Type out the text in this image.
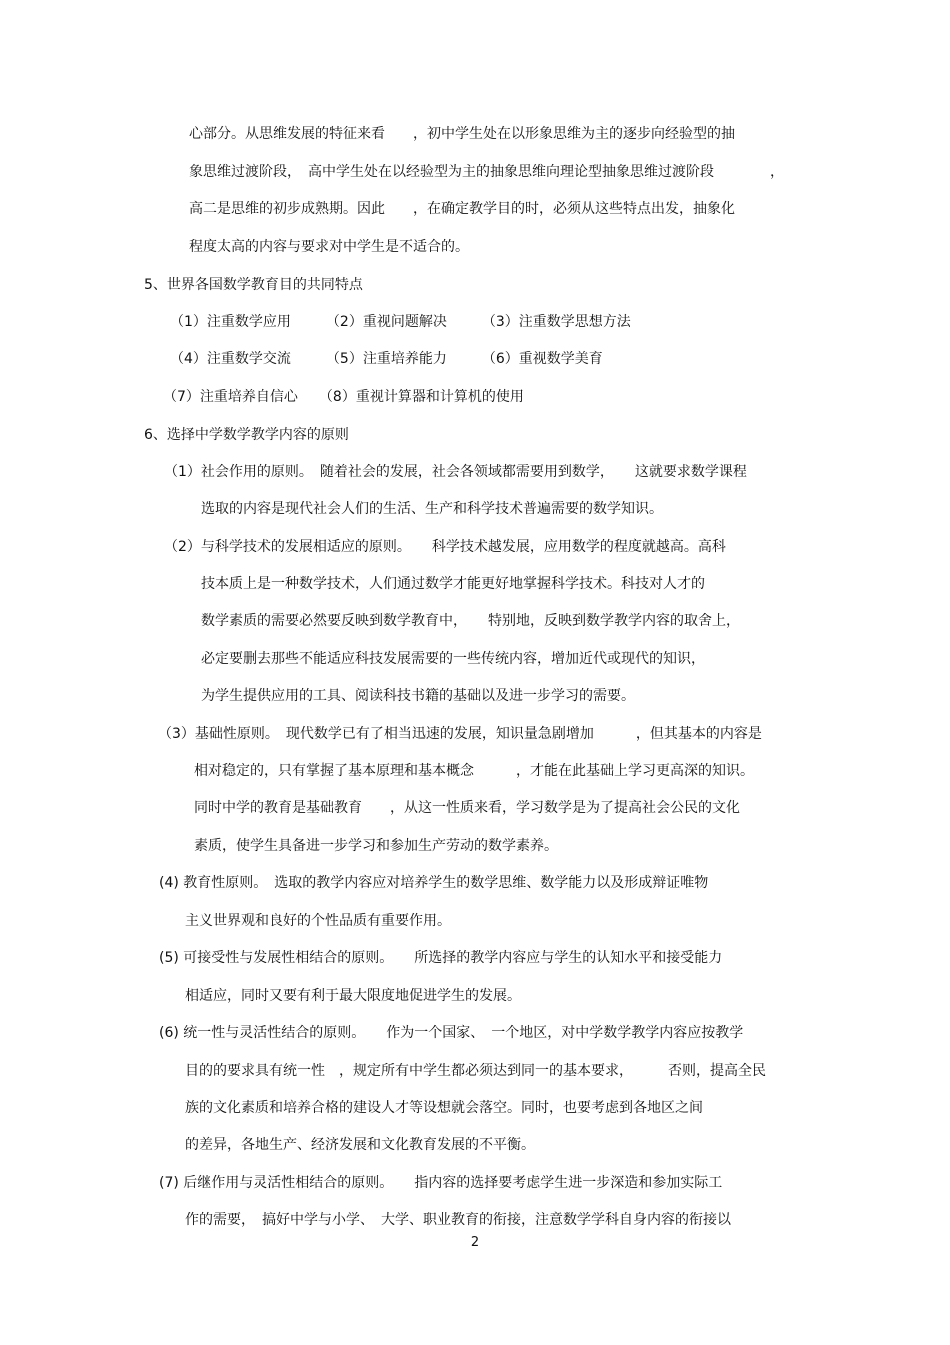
心部分。从思维发展的特征来看　　，初中学生处在以形象思维为主的逐步向经验型的抽
象思维过渡阶段，　高中学生处在以经验型为主的抽象思维向理论型抽象思维过渡阶段　　　　，
高二是思维的初步成熟期。因此　　，在确定教学目的时，必须从这些特点出发，抽象化
程度太高的内容与要求对中学生是不适合的。
5、世界各国数学教育目的共同特点
（1）注重数学应用　　　（2）重视问题解决　　　（3）注重数学思想方法
（4）注重数学交流　　　（5）注重培养能力　　　（6）重视数学美育
（7）注重培养自信心　　（8）重视计算器和计算机的使用
6、选择中学数学教学内容的原则
（1）社会作用的原则。　随着社会的发展，社会各领域都需要用到数学，　　这就要求数学课程
选取的内容是现代社会人们的生活、生产和科学技术普遍需要的数学知识。
（2）与科学技术的发展相适应的原则。　　科学技术越发展，应用数学的程度就越高。高科
技本质上是一种数学技术，人们通过数学才能更好地掌握科学技术。科技对人才的
数学素质的需要必然要反映到数学教育中，　　特别地，反映到数学教学内容的取舍上，
必定要删去那些不能适应科技发展需要的一些传统内容，增加近代或现代的知识，
为学生提供应用的工具、阅读科技书籍的基础以及进一步学习的需要。
（3）基础性原则。　现代数学已有了相当迅速的发展，知识量急剧增加　　　，但其基本的内容是
相对稳定的，只有掌握了基本原理和基本概念　　　，才能在此基础上学习更高深的知识。
同时中学的教育是基础教育　　，从这一性质来看，学习数学是为了提高社会公民的文化
素质，使学生具备进一步学习和参加生产劳动的数学素养。
(4) 教育性原则。　选取的教学内容应对培养学生的数学思维、数学能力以及形成辩证唯物
主义世界观和良好的个性品质有重要作用。
(5) 可接受性与发展性相结合的原则。　　所选择的教学内容应与学生的认知水平和接受能力
相适应，同时又要有利于最大限度地促进学生的发展。
(6) 统一性与灵活性结合的原则。　　作为一个国家、　一个地区，对中学数学教学内容应按教学
目的的要求具有统一性　，规定所有中学生都必须达到同一的基本要求，　　　否则，提高全民
族的文化素质和培养合格的建设人才等设想就会落空。同时，也要考虑到各地区之间
的差异，各地生产、经济发展和文化教育发展的不平衡。
(7) 后继作用与灵活性相结合的原则。　　指内容的选择要考虑学生进一步深造和参加实际工
作的需要，　搞好中学与小学、　大学、职业教育的衔接，注意数学学科自身内容的衔接以
2
